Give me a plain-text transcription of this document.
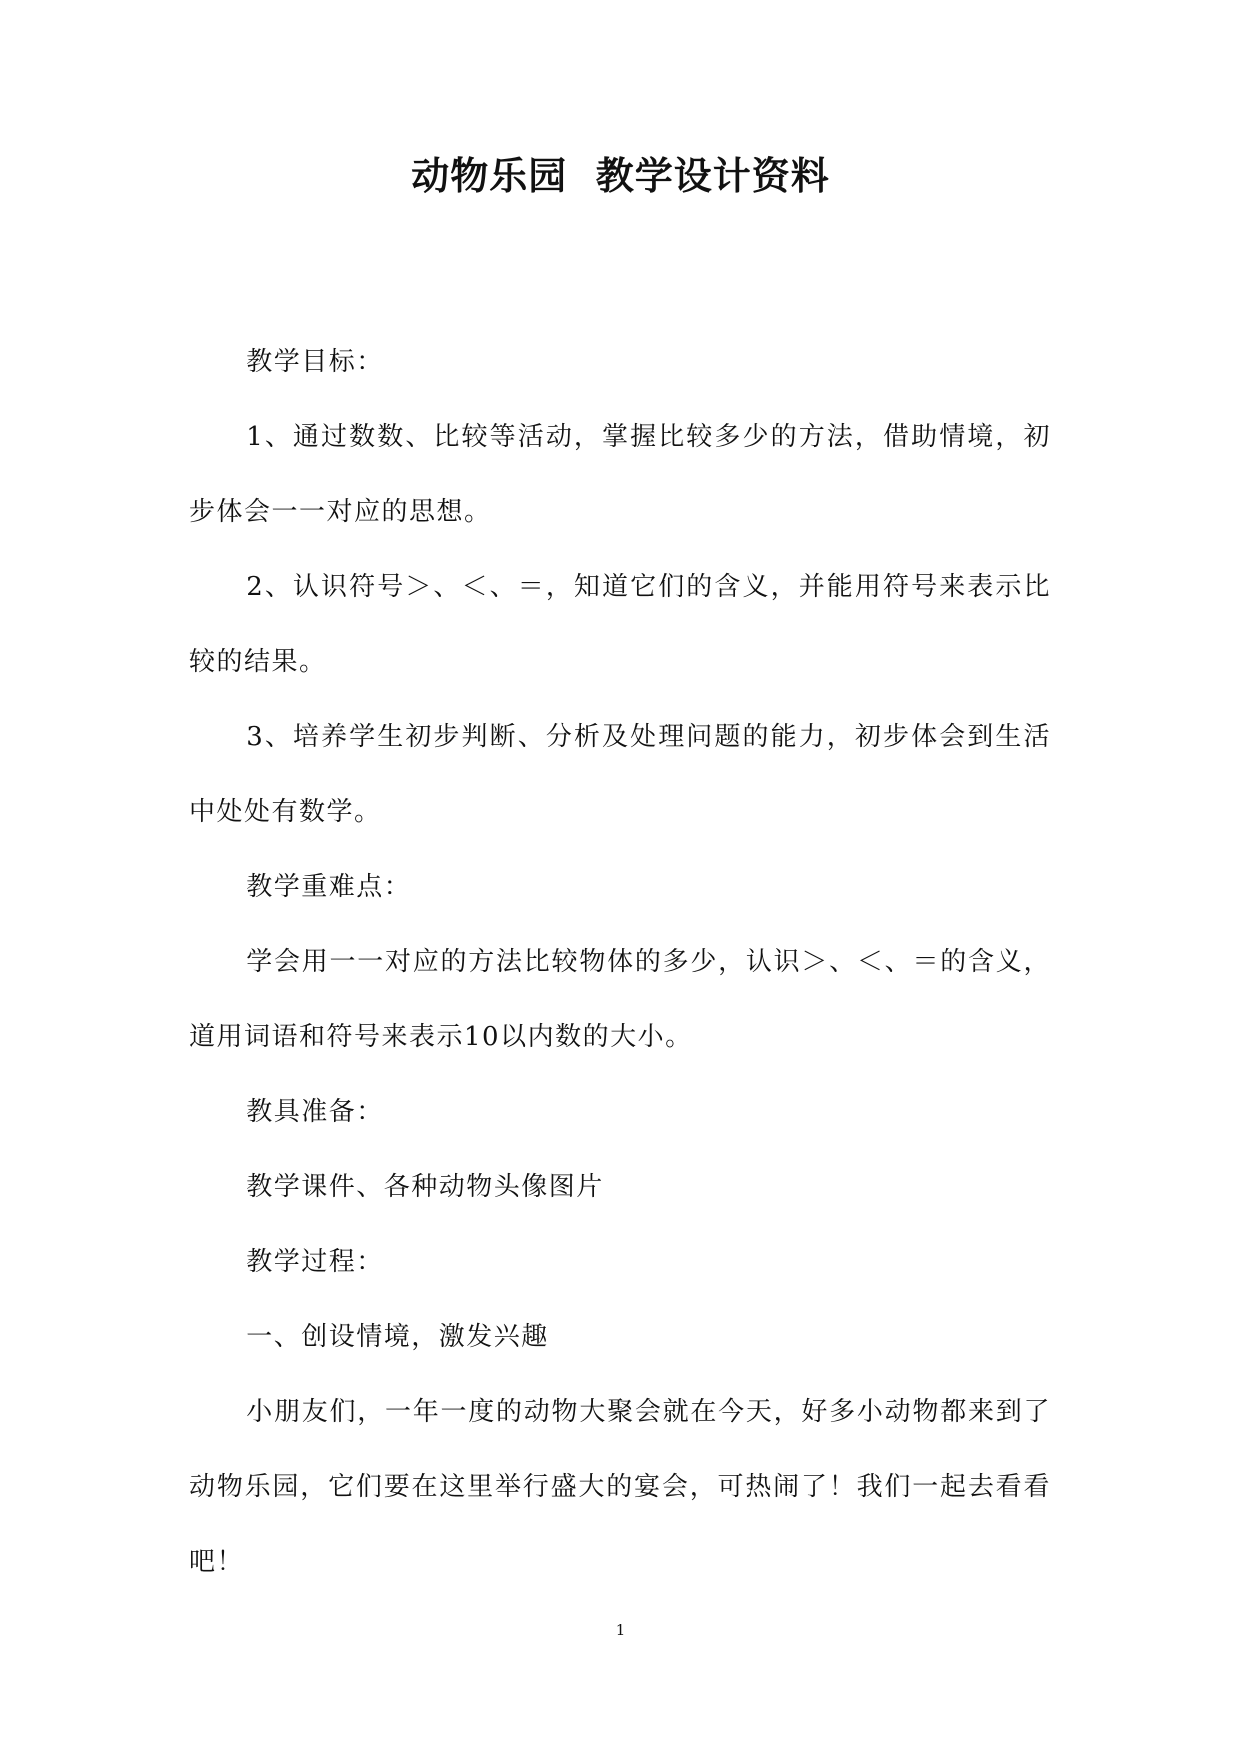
动物乐园  教学设计资料

教学目标：

1、通过数数、比较等活动，掌握比较多少的方法，借助情境，初步体会一一对应的思想。

2、认识符号＞、＜、＝，知道它们的含义，并能用符号来表示比较的结果。

3、培养学生初步判断、分析及处理问题的能力，初步体会到生活中处处有数学。

教学重难点：

学会用一一对应的方法比较物体的多少，认识＞、＜、＝的含义，道用词语和符号来表示10以内数的大小。

教具准备：

教学课件、各种动物头像图片

教学过程：

一、创设情境，激发兴趣

小朋友们，一年一度的动物大聚会就在今天，好多小动物都来到了动物乐园，它们要在这里举行盛大的宴会，可热闹了！我们一起去看看吧！

1
